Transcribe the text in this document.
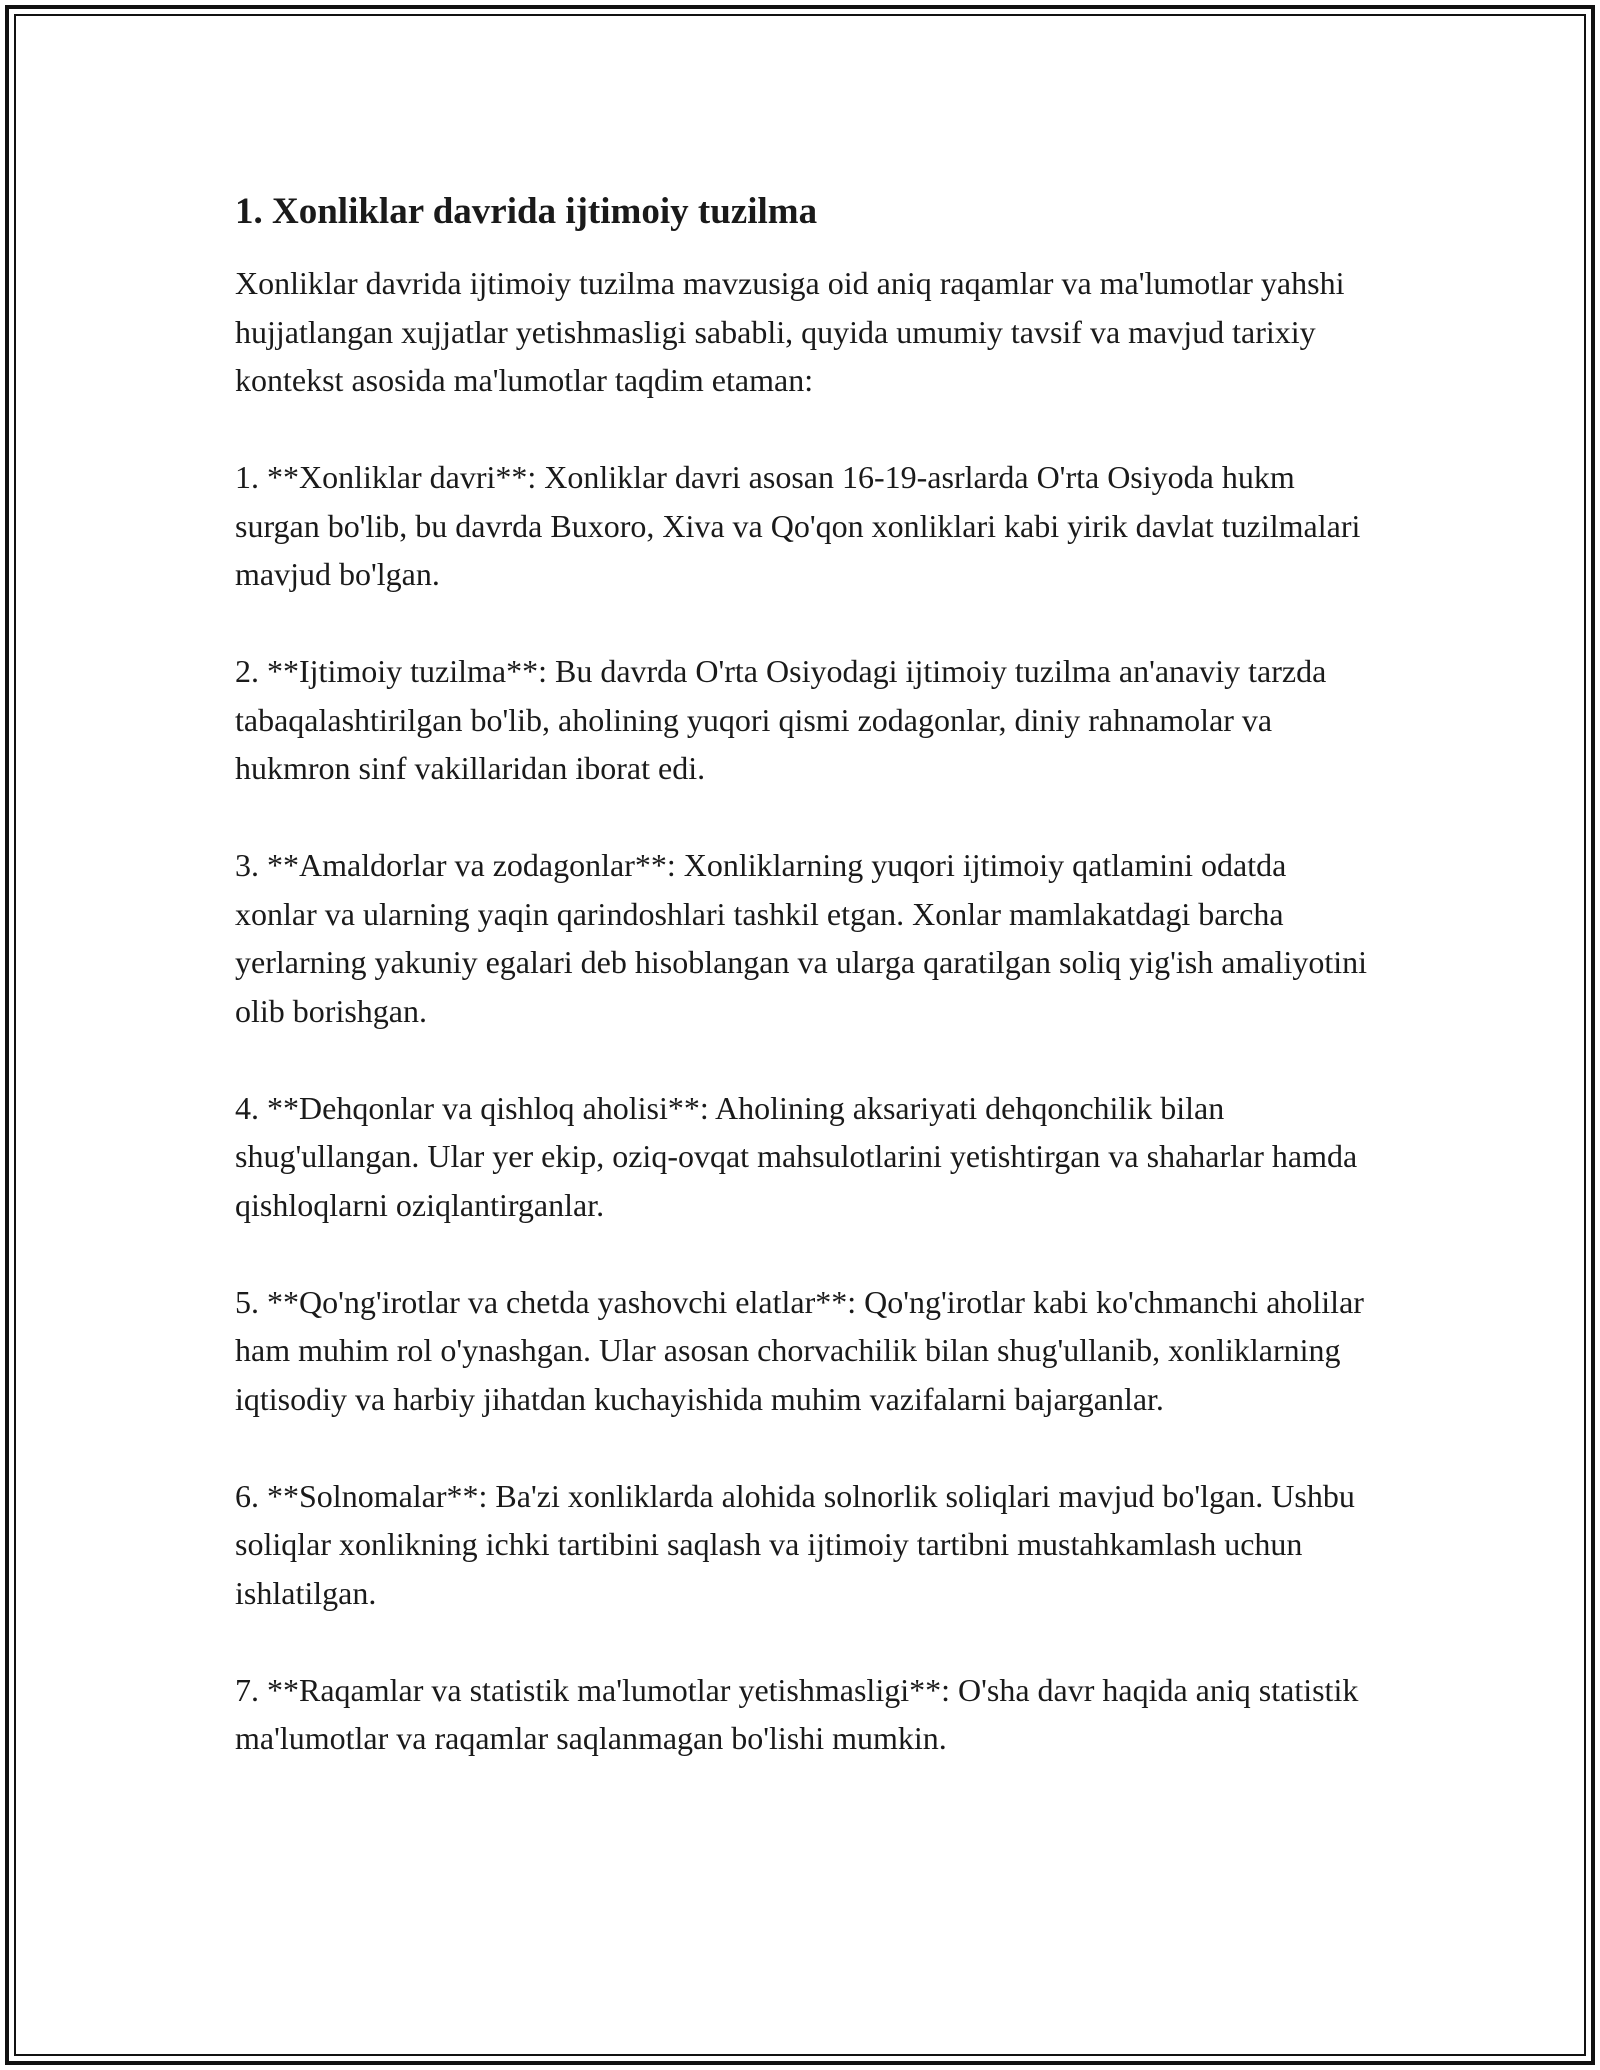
1. Xonliklar davrida ijtimoiy tuzilma

Xonliklar davrida ijtimoiy tuzilma mavzusiga oid aniq raqamlar va ma'lumotlar yahshi hujjatlangan xujjatlar yetishmasligi sababli, quyida umumiy tavsif va mavjud tarixiy kontekst asosida ma'lumotlar taqdim etaman:

1. **Xonliklar davri**: Xonliklar davri asosan 16-19-asrlarda O'rta Osiyoda hukm surgan bo'lib, bu davrda Buxoro, Xiva va Qo'qon xonliklari kabi yirik davlat tuzilmalari mavjud bo'lgan.

2. **Ijtimoiy tuzilma**: Bu davrda O'rta Osiyodagi ijtimoiy tuzilma an'anaviy tarzda tabaqalashtirilgan bo'lib, aholining yuqori qismi zodagonlar, diniy rahnamolar va hukmron sinf vakillaridan iborat edi.

3. **Amaldorlar va zodagonlar**: Xonliklarning yuqori ijtimoiy qatlamini odatda xonlar va ularning yaqin qarindoshlari tashkil etgan. Xonlar mamlakatdagi barcha yerlarning yakuniy egalari deb hisoblangan va ularga qaratilgan soliq yig'ish amaliyotini olib borishgan.

4. **Dehqonlar va qishloq aholisi**: Aholining aksariyati dehqonchilik bilan shug'ullangan. Ular yer ekip, oziq-ovqat mahsulotlarini yetishtirgan va shaharlar hamda qishloqlarni oziqlantirganlar.

5. **Qo'ng'irotlar va chetda yashovchi elatlar**: Qo'ng'irotlar kabi ko'chmanchi aholilar ham muhim rol o'ynashgan. Ular asosan chorvachilik bilan shug'ullanib, xonliklarning iqtisodiy va harbiy jihatdan kuchayishida muhim vazifalarni bajarganlar.

6. **Solnomalar**: Ba'zi xonliklarda alohida solnorlik soliqlari mavjud bo'lgan. Ushbu soliqlar xonlikning ichki tartibini saqlash va ijtimoiy tartibni mustahkamlash uchun ishlatilgan.

7. **Raqamlar va statistik ma'lumotlar yetishmasligi**: O'sha davr haqida aniq statistik ma'lumotlar va raqamlar saqlanmagan bo'lishi mumkin.
